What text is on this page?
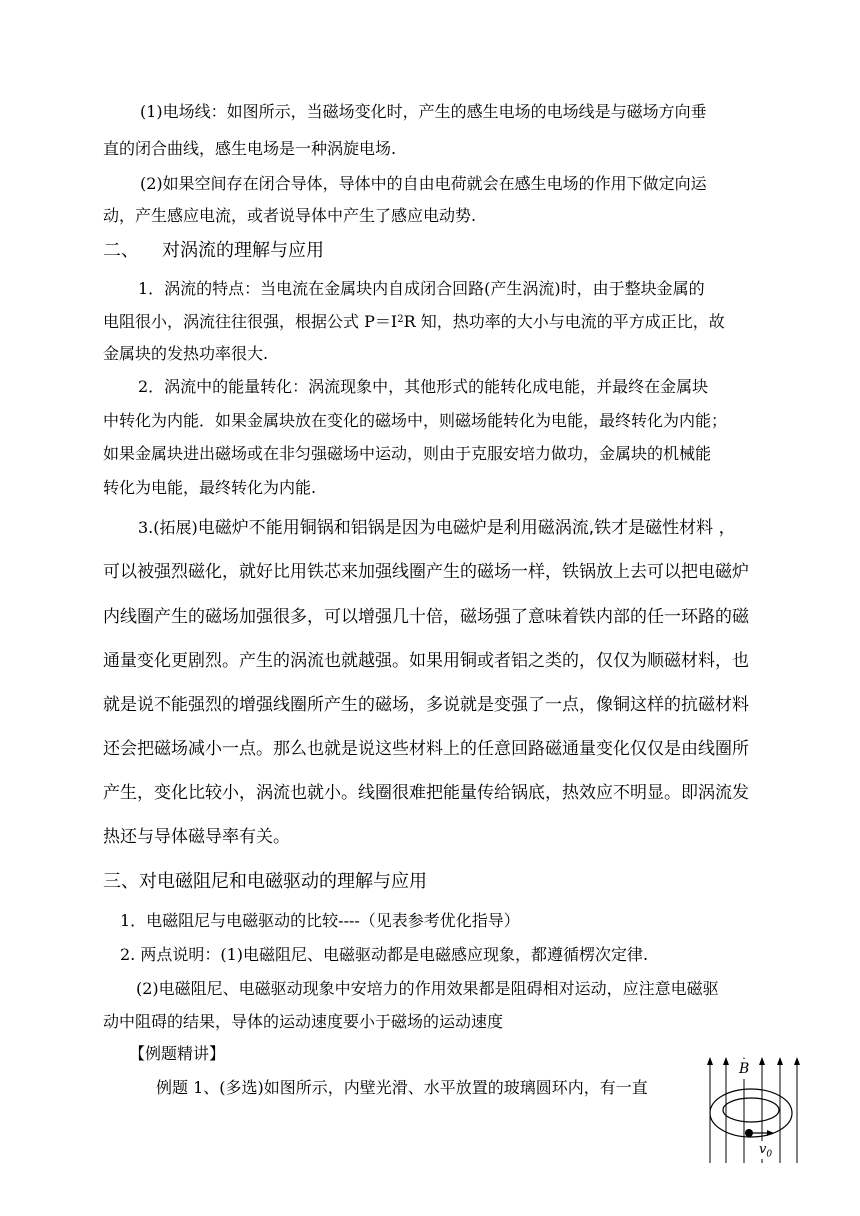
(1)电场线：如图所示，当磁场变化时，产生的感生电场的电场线是与磁场方向垂
直的闭合曲线，感生电场是一种涡旋电场.
(2)如果空间存在闭合导体，导体中的自由电荷就会在感生电场的作用下做定向运
动，产生感应电流，或者说导体中产生了感应电动势.
二、 对涡流的理解与应用
1．涡流的特点：当电流在金属块内自成闭合回路(产生涡流)时，由于整块金属的
电阻很小，涡流往往很强，根据公式 $P=I^2R$ 知，热功率的大小与电流的平方成正比，故
金属块的发热功率很大.
2．涡流中的能量转化：涡流现象中，其他形式的能转化成电能，并最终在金属块
中转化为内能．如果金属块放在变化的磁场中，则磁场能转化为电能，最终转化为内能；
如果金属块进出磁场或在非匀强磁场中运动，则由于克服安培力做功，金属块的机械能
转化为电能，最终转化为内能.
3.(拓展)电磁炉不能用铜锅和铝锅是因为电磁炉是利用磁涡流,铁才是磁性材料 ，
可以被强烈磁化，就好比用铁芯来加强线圈产生的磁场一样，铁锅放上去可以把电磁炉
内线圈产生的磁场加强很多，可以增强几十倍，磁场强了意味着铁内部的任一环路的磁
通量变化更剧烈。产生的涡流也就越强。如果用铜或者铝之类的，仅仅为顺磁材料，也
就是说不能强烈的增强线圈所产生的磁场，多说就是变强了一点，像铜这样的抗磁材料
还会把磁场减小一点。那么也就是说这些材料上的任意回路磁通量变化仅仅是由线圈所
产生，变化比较小，涡流也就小。线圈很难把能量传给锅底，热效应不明显。即涡流发
热还与导体磁导率有关。
三、对电磁阻尼和电磁驱动的理解与应用
1．电磁阻尼与电磁驱动的比较----（见表参考优化指导）
2. 两点说明：(1)电磁阻尼、电磁驱动都是电磁感应现象，都遵循楞次定律.
(2)电磁阻尼、电磁驱动现象中安培力的作用效果都是阻碍相对运动，应注意电磁驱
动中阻碍的结果，导体的运动速度要小于磁场的运动速度
【例题精讲】
例题 1、(多选)如图所示，内壁光滑、水平放置的玻璃圆环内，有一直
B
$v_0$
